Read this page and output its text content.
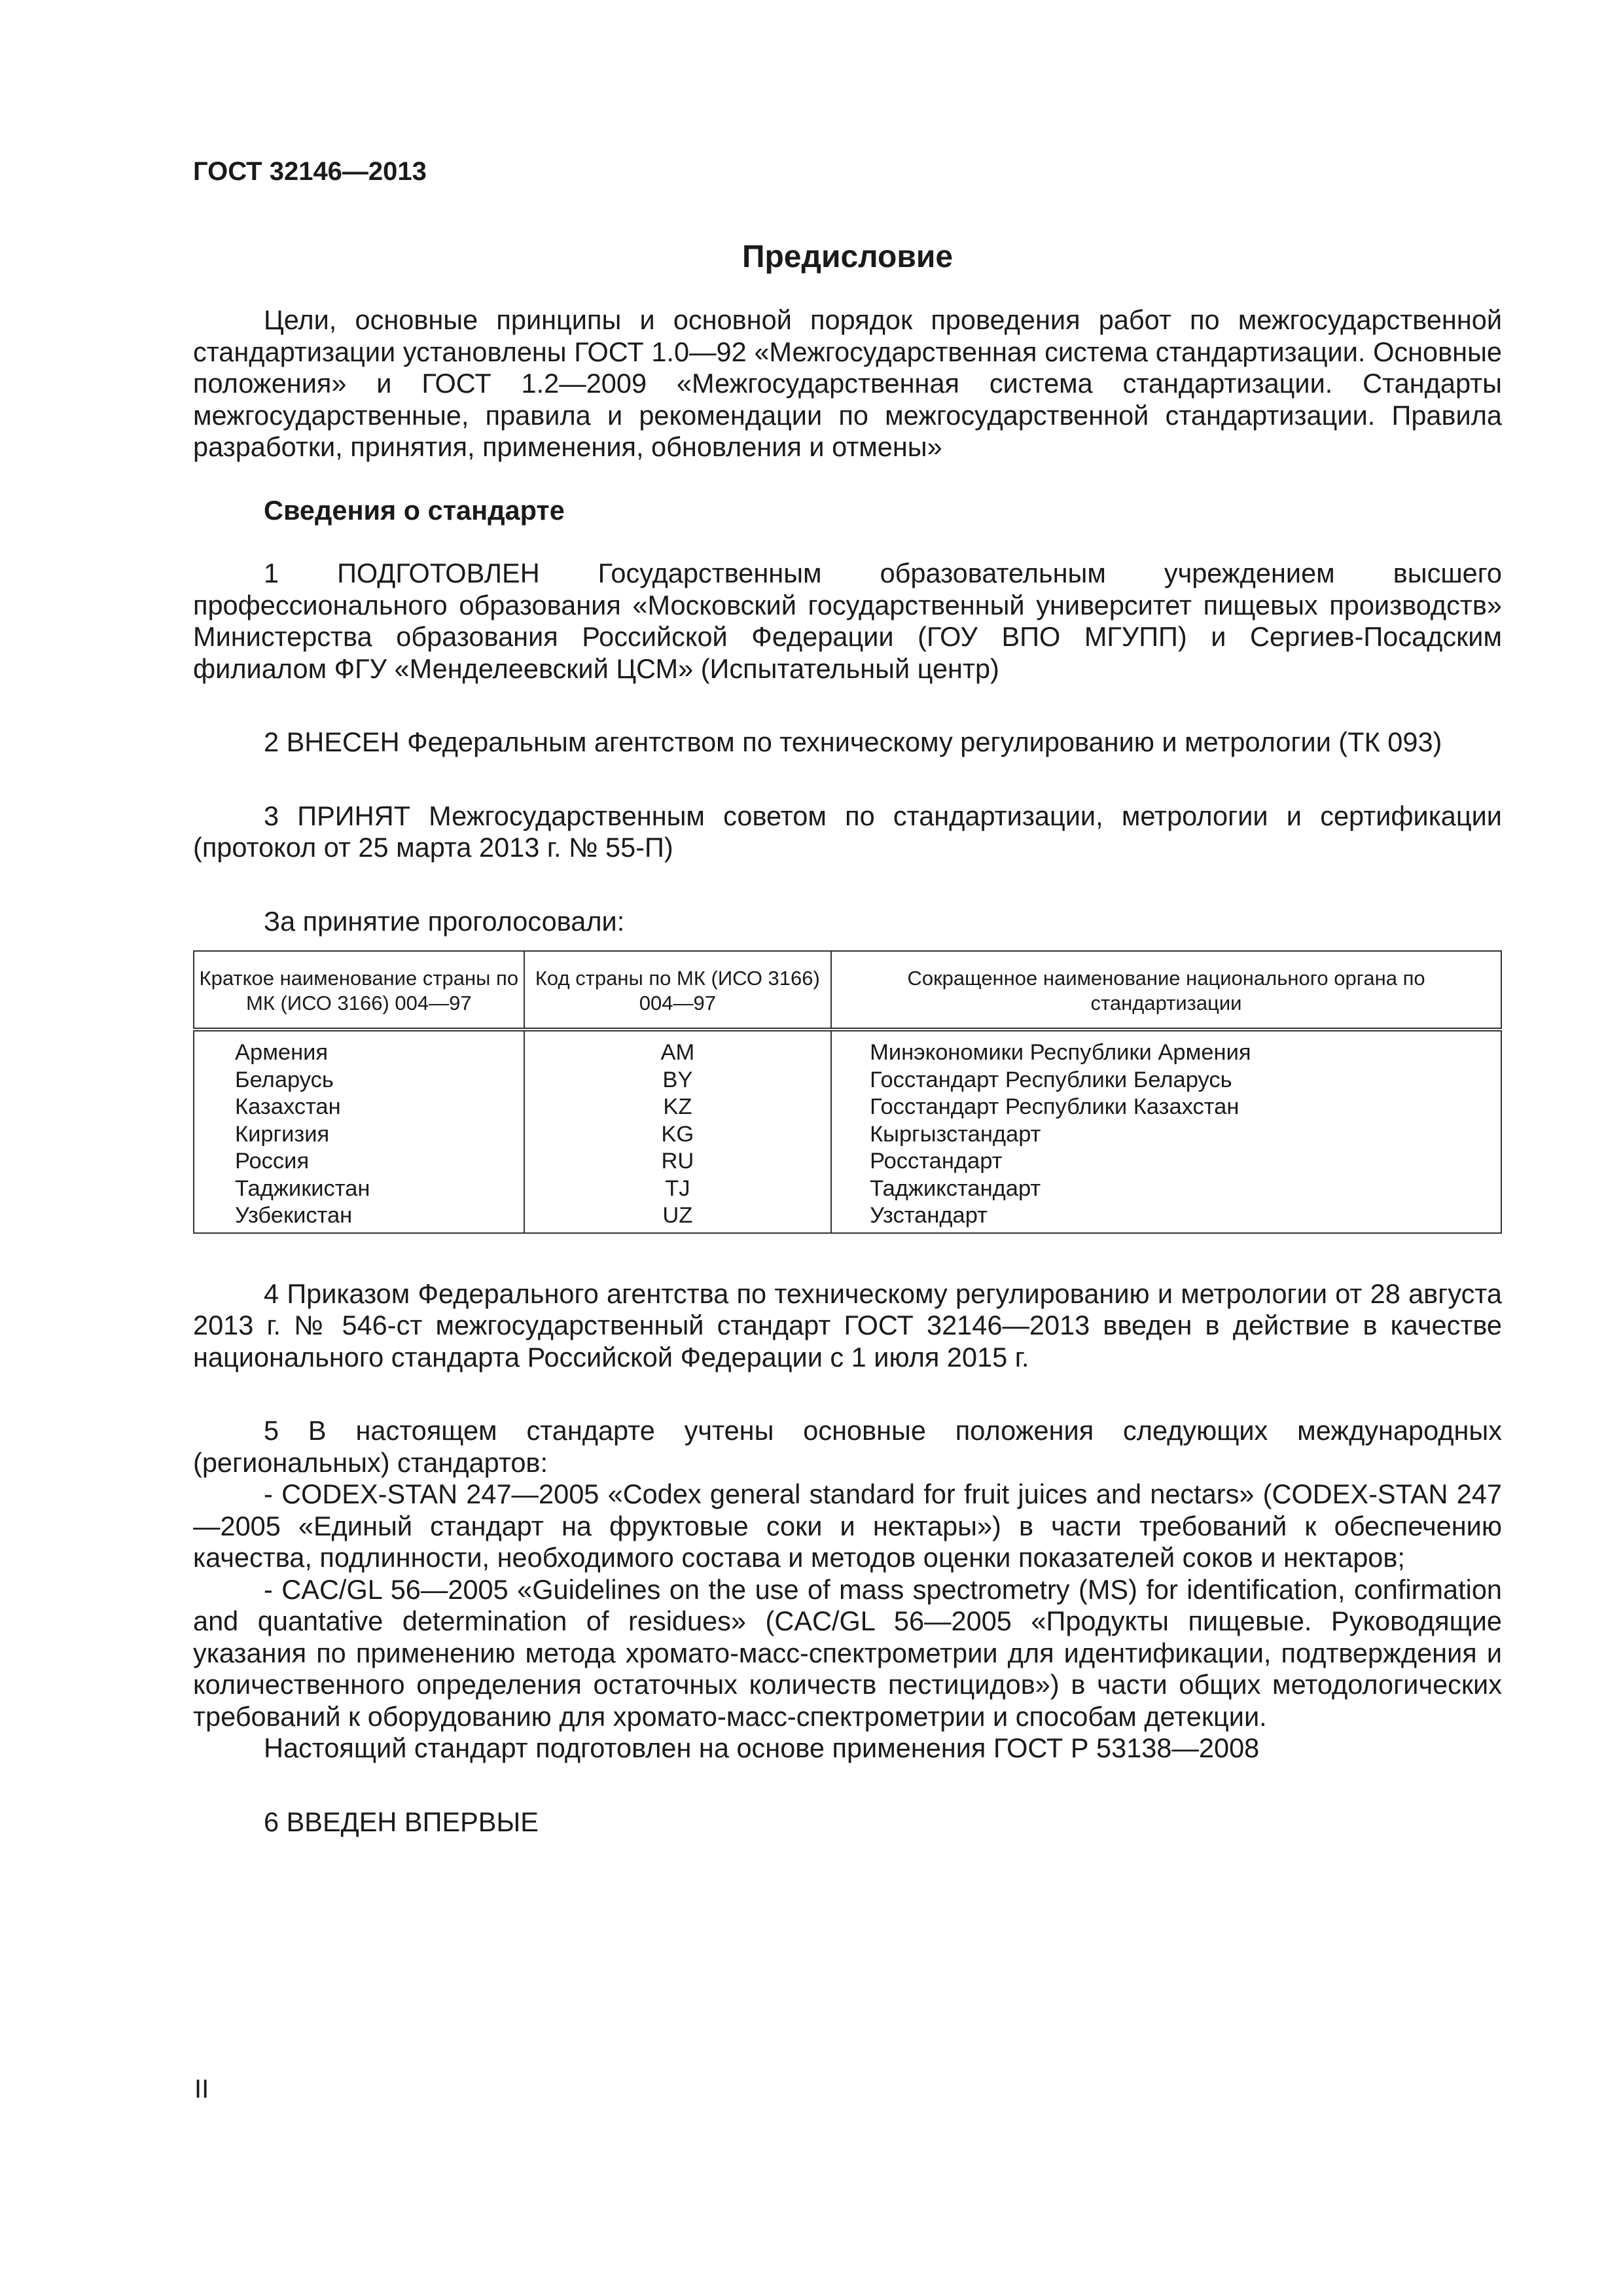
ГОСТ 32146—2013
Предисловие

Цели, основные принципы и основной порядок проведения работ по межгосударственной стандартизации установлены ГОСТ 1.0—92 «Межгосударственная система стандартизации. Основные положения» и ГОСТ 1.2—2009 «Межгосударственная система стандартизации. Стандарты межгосударственные, правила и рекомендации по межгосударственной стандартизации. Правила разработки, принятия, применения, обновления и отмены»

Сведения о стандарте

1 ПОДГОТОВЛЕН Государственным образовательным учреждением высшего профессионального образования «Московский государственный университет пищевых производств» Министерства образования Российской Федерации (ГОУ ВПО МГУПП) и Сергиев-Посадским филиалом ФГУ «Менделеевский ЦСМ» (Испытательный центр)

2 ВНЕСЕН Федеральным агентством по техническому регулированию и метрологии (ТК 093)

3 ПРИНЯТ Межгосударственным советом по стандартизации, метрологии и сертификации (протокол от 25 марта 2013 г. № 55-П)

За принятие проголосовали:

Краткое наименование страны по МК (ИСО 3166) 004—97	Код страны по МК (ИСО 3166) 004—97	Сокращенное наименование национального органа по стандартизации
Армения	AM	Минэкономики Республики Армения
Беларусь	BY	Госстандарт Республики Беларусь
Казахстан	KZ	Госстандарт Республики Казахстан
Киргизия	KG	Кыргызстандарт
Россия	RU	Росстандарт
Таджикистан	TJ	Таджикстандарт
Узбекистан	UZ	Узстандарт

4 Приказом Федерального агентства по техническому регулированию и метрологии от 28 августа 2013 г. № 546-ст межгосударственный стандарт ГОСТ 32146—2013 введен в действие в качестве национального стандарта Российской Федерации с 1 июля 2015 г.

5 В настоящем стандарте учтены основные положения следующих международных (региональных) стандартов:

- CODEX-STAN 247—2005 «Codex general standard for fruit juices and nectars» (CODEX-STAN 247—2005 «Единый стандарт на фруктовые соки и нектары») в части требований к обеспечению качества, подлинности, необходимого состава и методов оценки показателей соков и нектаров;

- CAC/GL 56—2005 «Guidelines on the use of mass spectrometry (MS) for identification, confirmation and quantative determination of residues» (CAC/GL 56—2005 «Продукты пищевые. Руководящие указания по применению метода хромато-масс-спектрометрии для идентификации, подтверждения и количественного определения остаточных количеств пестицидов») в части общих методологических требований к оборудованию для хромато-масс-спектрометрии и способам детекции.

Настоящий стандарт подготовлен на основе применения ГОСТ Р 53138—2008

6 ВВЕДЕН ВПЕРВЫЕ

II
